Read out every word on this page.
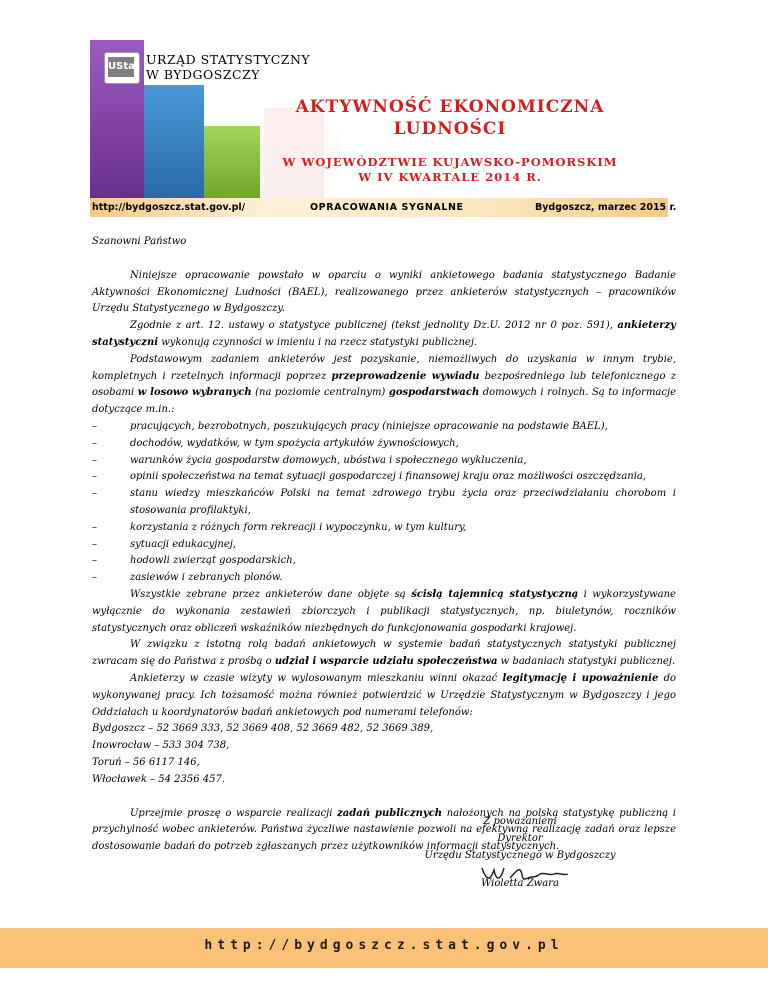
UStat URZĄD STATYSTYCZNY
W BYDGOSZCZY
AKTYWNOŚĆ EKONOMICZNA
LUDNOŚCI
W WOJEWÓDZTWIE KUJAWSKO-POMORSKIM
W IV KWARTALE 2014 R.
http://bydgoszcz.stat.gov.pl/	OPRACOWANIA SYGNALNE	Bydgoszcz, marzec 2015 r.

Szanowni Państwo

Niniejsze opracowanie powstało w oparciu o wyniki ankietowego badania statystycznego Badanie Aktywności Ekonomicznej Ludności (BAEL), realizowanego przez ankieterów statystycznych – pracowników Urzędu Statystycznego w Bydgoszczy.

Zgodnie z art. 12. ustawy o statystyce publicznej (tekst jednolity Dz.U. 2012 nr 0 poz. 591), ankieterzy statystyczni wykonują czynności w imieniu i na rzecz statystyki publicznej.

Podstawowym zadaniem ankieterów jest pozyskanie, niemożliwych do uzyskania w innym trybie, kompletnych i rzetelnych informacji poprzez przeprowadzenie wywiadu bezpośredniego lub telefonicznego z osobami w losowo wybranych (na poziomie centralnym) gospodarstwach domowych i rolnych. Są to informacje dotyczące m.in.:

–	pracujących, bezrobotnych, poszukujących pracy (niniejsze opracowanie na podstawie BAEL),
–	dochodów, wydatków, w tym spożycia artykułów żywnościowych,
–	warunków życia gospodarstw domowych, ubóstwa i społecznego wykluczenia,
–	opinii społeczeństwa na temat sytuacji gospodarczej i finansowej kraju oraz możliwości oszczędzania,
–	stanu wiedzy mieszkańców Polski na temat zdrowego trybu życia oraz przeciwdziałaniu chorobom i stosowania profilaktyki,
–	korzystania z różnych form rekreacji i wypoczynku, w tym kultury,
–	sytuacji edukacyjnej,
–	hodowli zwierząt gospodarskich,
–	zasiewów i zebranych plonów.

Wszystkie zebrane przez ankieterów dane objęte są ścisłą tajemnicą statystyczną i wykorzystywane wyłącznie do wykonania zestawień zbiorczych i publikacji statystycznych, np. biuletynów, roczników statystycznych oraz obliczeń wskaźników niezbędnych do funkcjonowania gospodarki krajowej.

W związku z istotną rolą badań ankietowych w systemie badań statystycznych statystyki publicznej zwracam się do Państwa z prośbą o udział i wsparcie udziału społeczeństwa w badaniach statystyki publicznej.

Ankieterzy w czasie wizyty w wylosowanym mieszkaniu winni okazać legitymację i upoważnienie do wykonywanej pracy. Ich tożsamość można również potwierdzić w Urzędzie Statystycznym w Bydgoszczy i jego Oddziałach u koordynatorów badań ankietowych pod numerami telefonów:

Bydgoszcz – 52 3669 333, 52 3669 408, 52 3669 482, 52 3669 389,

Inowrocław – 533 304 738,

Toruń – 56 6117 146,

Włocławek – 54 2356 457.

Uprzejmie proszę o wsparcie realizacji zadań publicznych nałożonych na polską statystykę publiczną i przychylność wobec ankieterów. Państwa życzliwe nastawienie pozwoli na efektywną realizację zadań oraz lepsze dostosowanie badań do potrzeb zgłaszanych przez użytkowników informacji statystycznych.

Z poważaniem
Dyrektor
Urzędu Statystycznego w Bydgoszczy
Wioletta Żwara
http://bydgoszcz.stat.gov.pl
